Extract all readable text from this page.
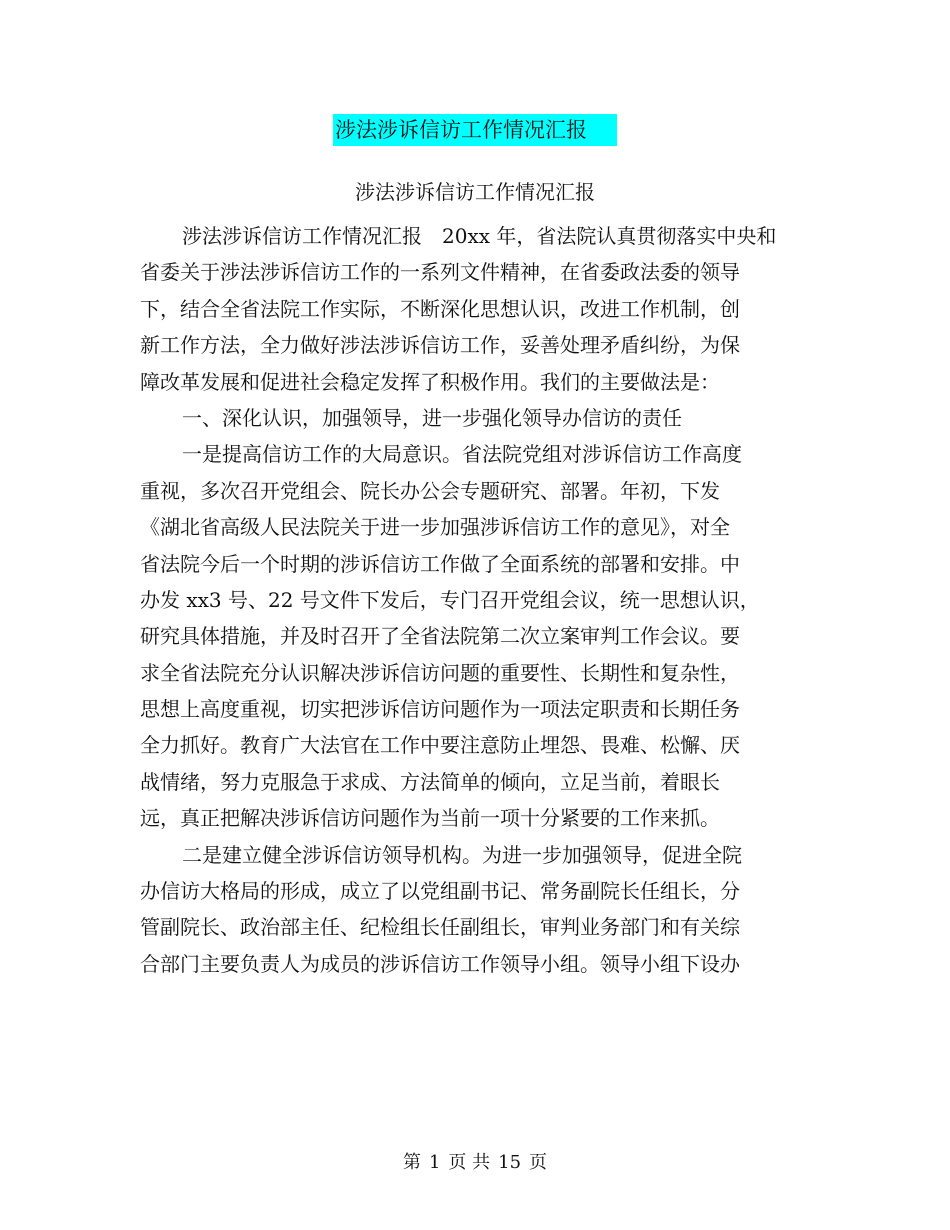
涉法涉诉信访工作情况汇报
涉法涉诉信访工作情况汇报
涉法涉诉信访工作情况汇报　20xx 年，省法院认真贯彻落实中央和
省委关于涉法涉诉信访工作的一系列文件精神，在省委政法委的领导
下，结合全省法院工作实际，不断深化思想认识，改进工作机制，创
新工作方法，全力做好涉法涉诉信访工作，妥善处理矛盾纠纷，为保
障改革发展和促进社会稳定发挥了积极作用。我们的主要做法是：
一、深化认识，加强领导，进一步强化领导办信访的责任
一是提高信访工作的大局意识。省法院党组对涉诉信访工作高度
重视，多次召开党组会、院长办公会专题研究、部署。年初，下发
《湖北省高级人民法院关于进一步加强涉诉信访工作的意见》，对全
省法院今后一个时期的涉诉信访工作做了全面系统的部署和安排。中
办发 xx3 号、22 号文件下发后，专门召开党组会议，统一思想认识，
研究具体措施，并及时召开了全省法院第二次立案审判工作会议。要
求全省法院充分认识解决涉诉信访问题的重要性、长期性和复杂性，
思想上高度重视，切实把涉诉信访问题作为一项法定职责和长期任务
全力抓好。教育广大法官在工作中要注意防止埋怨、畏难、松懈、厌
战情绪，努力克服急于求成、方法简单的倾向，立足当前，着眼长
远，真正把解决涉诉信访问题作为当前一项十分紧要的工作来抓。
二是建立健全涉诉信访领导机构。为进一步加强领导，促进全院
办信访大格局的形成，成立了以党组副书记、常务副院长任组长，分
管副院长、政治部主任、纪检组长任副组长，审判业务部门和有关综
合部门主要负责人为成员的涉诉信访工作领导小组。领导小组下设办
第 1 页 共 15 页
